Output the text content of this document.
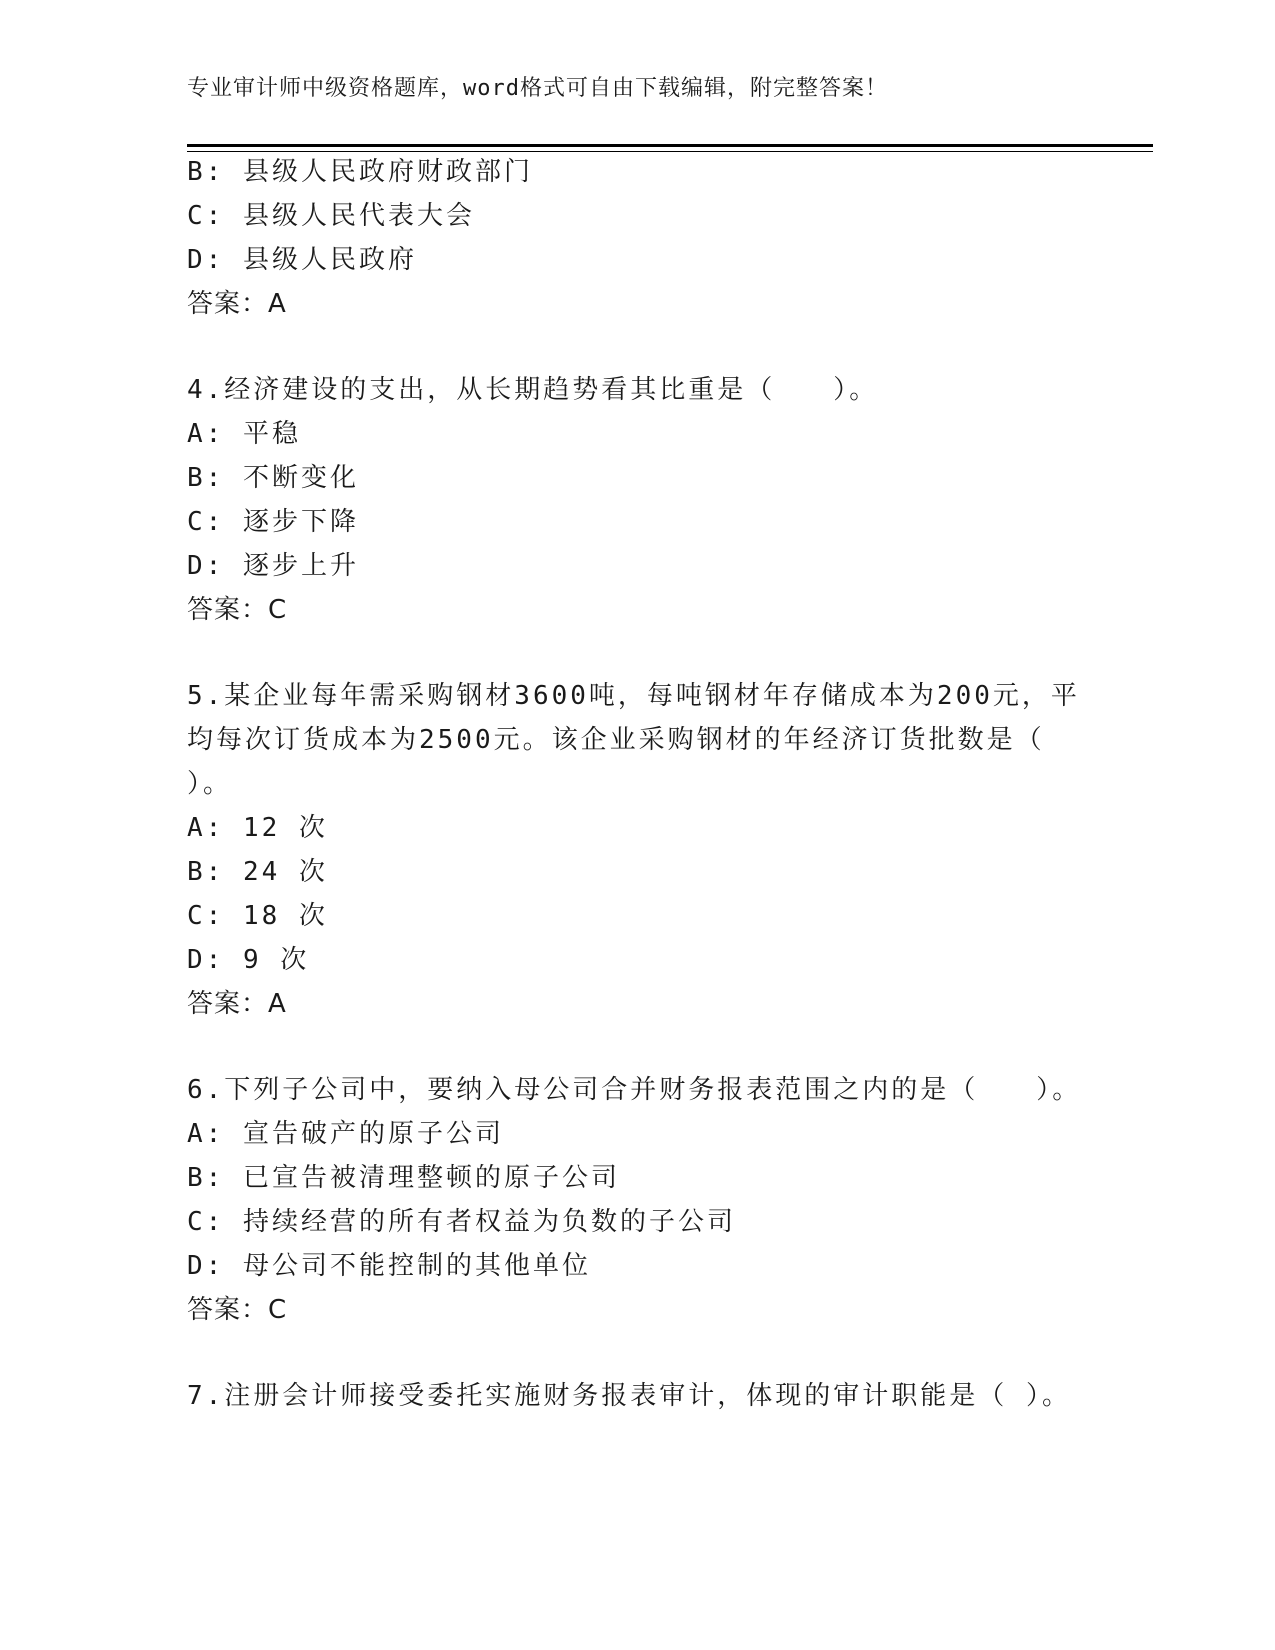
专业审计师中级资格题库，word格式可自由下载编辑，附完整答案！
B: 县级人民政府财政部门
C: 县级人民代表大会
D: 县级人民政府
答案：A
4.经济建设的支出，从长期趋势看其比重是（　　）。
A: 平稳
B: 不断变化
C: 逐步下降
D: 逐步上升
答案：C
5.某企业每年需采购钢材3600吨，每吨钢材年存储成本为200元，平
均每次订货成本为2500元。该企业采购钢材的年经济订货批数是（
）。
A: 12 次
B: 24 次
C: 18 次
D: 9 次
答案：A
6.下列子公司中，要纳入母公司合并财务报表范围之内的是（　　）。
A: 宣告破产的原子公司
B: 已宣告被清理整顿的原子公司
C: 持续经营的所有者权益为负数的子公司
D: 母公司不能控制的其他单位
答案：C
7.注册会计师接受委托实施财务报表审计，体现的审计职能是（ ）。
